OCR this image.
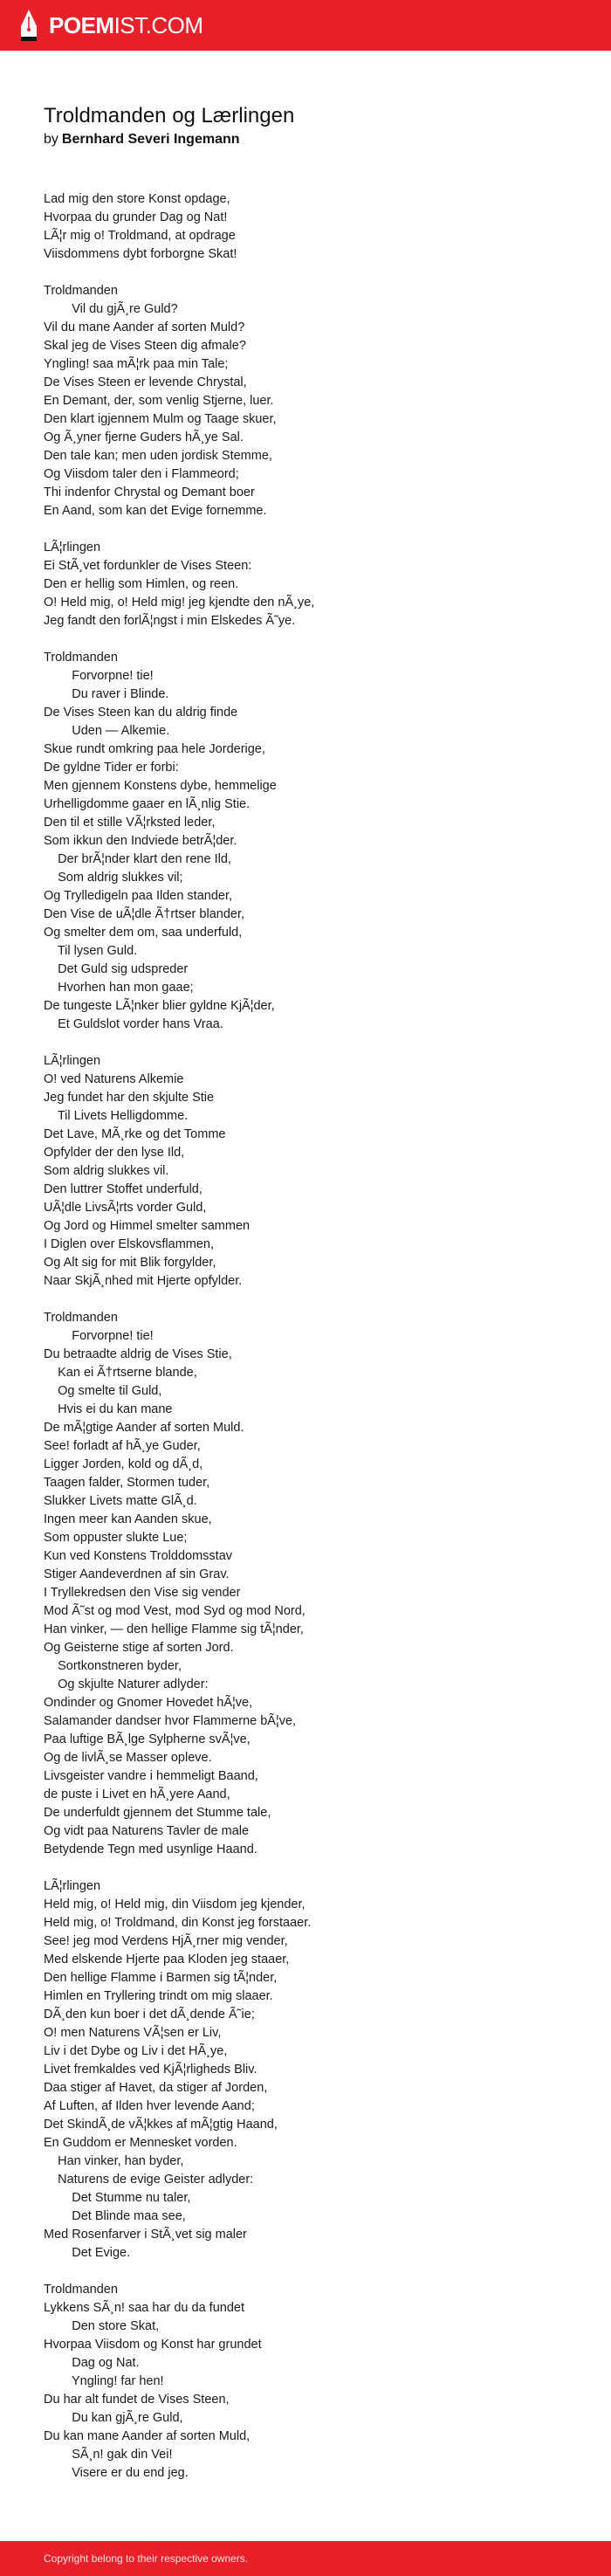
POEMIST.COM
Troldmanden og Lærlingen
by Bernhard Severi Ingemann
Lad mig den store Konst opdage,
Hvorpaa du grunder Dag og Nat!
LÃ¦r mig o! Troldmand, at opdrage
Viisdommens dybt forborgne Skat!
Troldmanden
Vil du gjÃ¸re Guld?
Vil du mane Aander af sorten Muld?
Skal jeg de Vises Steen dig afmale?
Yngling! saa mÃ¦rk paa min Tale;
De Vises Steen er levende Chrystal,
En Demant, der, som venlig Stjerne, luer.
Den klart igjennem Mulm og Taage skuer,
Og Ã¸yner fjerne Guders hÃ¸ye Sal.
Den tale kan; men uden jordisk Stemme,
Og Viisdom taler den i Flammeord;
Thi indenfor Chrystal og Demant boer
En Aand, som kan det Evige fornemme.
LÃ¦rlingen
Ei StÃ¸vet fordunkler de Vises Steen:
Den er hellig som Himlen, og reen.
O! Held mig, o! Held mig! jeg kjendte den nÃ¸ye,
Jeg fandt den forlÃ¦ngst i min Elskedes Ã˜ye.
Troldmanden
Forvorpne! tie!
Du raver i Blinde.
De Vises Steen kan du aldrig finde
Uden — Alkemie.
Skue rundt omkring paa hele Jorderige,
De gyldne Tider er forbi:
Men gjennem Konstens dybe, hemmelige
Urhelligdomme gaaer en lÃ¸nlig Stie.
Den til et stille VÃ¦rksted leder,
Som ikkun den Indviede betrÃ¦der.
Der brÃ¦nder klart den rene Ild,
Som aldrig slukkes vil;
Og Trylledigeln paa Ilden stander,
Den Vise de uÃ¦dle Ã†rtser blander,
Og smelter dem om, saa underfuld,
Til lysen Guld.
Det Guld sig udspreder
Hvorhen han mon gaae;
De tungeste LÃ¦nker blier gyldne KjÃ¦der,
Et Guldslot vorder hans Vraa.
LÃ¦rlingen
O! ved Naturens Alkemie
Jeg fundet har den skjulte Stie
Til Livets Helligdomme.
Det Lave, MÃ¸rke og det Tomme
Opfylder der den lyse Ild,
Som aldrig slukkes vil.
Den luttrer Stoffet underfuld,
UÃ¦dle LivsÃ¦rts vorder Guld,
Og Jord og Himmel smelter sammen
I Diglen over Elskovsflammen,
Og Alt sig for mit Blik forgylder,
Naar SkjÃ¸nhed mit Hjerte opfylder.
Troldmanden
Forvorpne! tie!
Du betraadte aldrig de Vises Stie,
Kan ei Ã†rtserne blande,
Og smelte til Guld,
Hvis ei du kan mane
De mÃ¦gtige Aander af sorten Muld.
See! forladt af hÃ¸ye Guder,
Ligger Jorden, kold og dÃ¸d,
Taagen falder, Stormen tuder,
Slukker Livets matte GlÃ¸d.
Ingen meer kan Aanden skue,
Som oppuster slukte Lue;
Kun ved Konstens Trolddomsstav
Stiger Aandeverdnen af sin Grav.
I Tryllekredsen den Vise sig vender
Mod Ã˜st og mod Vest, mod Syd og mod Nord,
Han vinker, — den hellige Flamme sig tÃ¦nder,
Og Geisterne stige af sorten Jord.
Sortkonstneren byder,
Og skjulte Naturer adlyder:
Ondinder og Gnomer Hovedet hÃ¦ve,
Salamander dandser hvor Flammerne bÃ¦ve,
Paa luftige BÃ¸lge Sylpherne svÃ¦ve,
Og de livlÃ¸se Masser opleve.
Livsgeister vandre i hemmeligt Baand,
de puste i Livet en hÃ¸yere Aand,
De underfuldt gjennem det Stumme tale,
Og vidt paa Naturens Tavler de male
Betydende Tegn med usynlige Haand.
LÃ¦rlingen
Held mig, o! Held mig, din Viisdom jeg kjender,
Held mig, o! Troldmand, din Konst jeg forstaaer.
See! jeg mod Verdens HjÃ¸rner mig vender,
Med elskende Hjerte paa Kloden jeg staaer,
Den hellige Flamme i Barmen sig tÃ¦nder,
Himlen en Tryllering trindt om mig slaaer.
DÃ¸den kun boer i det dÃ¸dende Ã˜ie;
O! men Naturens VÃ¦sen er Liv,
Liv i det Dybe og Liv i det HÃ¸ye,
Livet fremkaldes ved KjÃ¦rligheds Bliv.
Daa stiger af Havet, da stiger af Jorden,
Af Luften, af Ilden hver levende Aand;
Det SkindÃ¸de vÃ¦kkes af mÃ¦gtig Haand,
En Guddom er Mennesket vorden.
Han vinker, han byder,
Naturens de evige Geister adlyder:
Det Stumme nu taler,
Det Blinde maa see,
Med Rosenfarver i StÃ¸vet sig maler
Det Evige.
Troldmanden
Lykkens SÃ¸n! saa har du da fundet
Den store Skat,
Hvorpaa Viisdom og Konst har grundet
Dag og Nat.
Yngling! far hen!
Du har alt fundet de Vises Steen,
Du kan gjÃ¸re Guld,
Du kan mane Aander af sorten Muld,
SÃ¸n! gak din Vei!
Visere er du end jeg.
Copyright belong to their respective owners.
